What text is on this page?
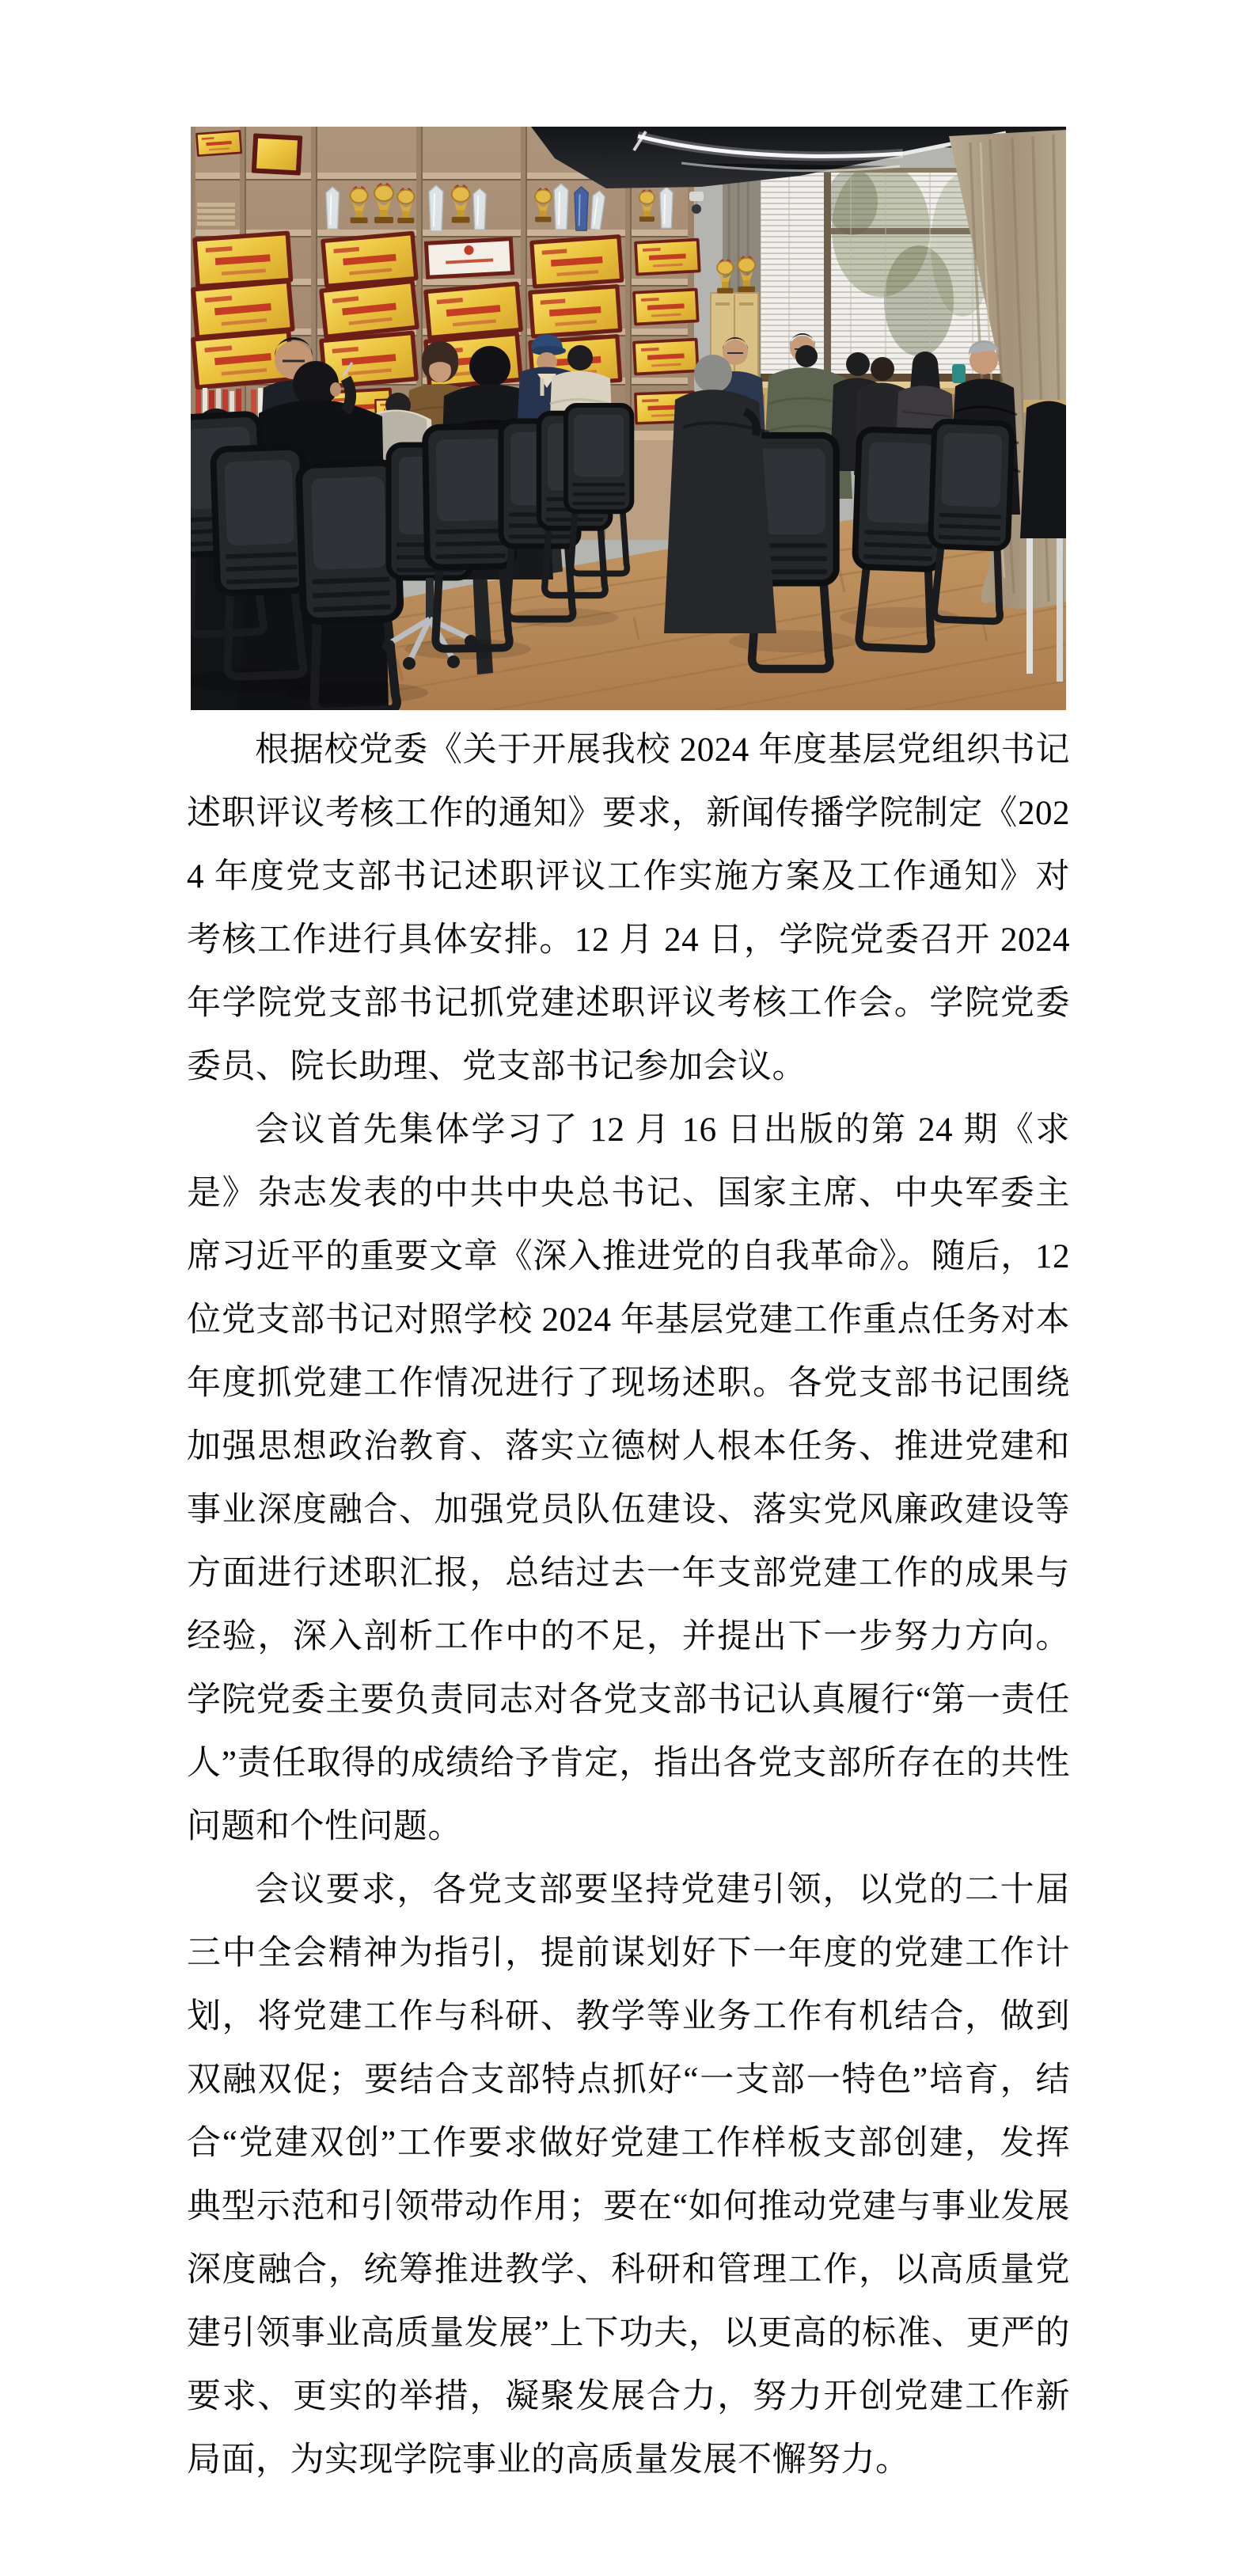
根据校党委《关于开展我校 2024 年度基层党组织书记述职评议考核工作的通知》要求，新闻传播学院制定《2024 年度党支部书记述职评议工作实施方案及工作通知》对考核工作进行具体安排。12 月 24 日，学院党委召开 2024 年学院党支部书记抓党建述职评议考核工作会。学院党委委员、院长助理、党支部书记参加会议。

会议首先集体学习了 12 月 16 日出版的第 24 期《求是》杂志发表的中共中央总书记、国家主席、中央军委主席习近平的重要文章《深入推进党的自我革命》。随后，12 位党支部书记对照学校 2024 年基层党建工作重点任务对本年度抓党建工作情况进行了现场述职。各党支部书记围绕加强思想政治教育、落实立德树人根本任务、推进党建和事业深度融合、加强党员队伍建设、落实党风廉政建设等方面进行述职汇报，总结过去一年支部党建工作的成果与经验，深入剖析工作中的不足，并提出下一步努力方向。学院党委主要负责同志对各党支部书记认真履行“第一责任人”责任取得的成绩给予肯定，指出各党支部所存在的共性问题和个性问题。

会议要求，各党支部要坚持党建引领，以党的二十届三中全会精神为指引，提前谋划好下一年度的党建工作计划，将党建工作与科研、教学等业务工作有机结合，做到双融双促；要结合支部特点抓好“一支部一特色”培育，结合“党建双创”工作要求做好党建工作样板支部创建，发挥典型示范和引领带动作用；要在“如何推动党建与事业发展深度融合，统筹推进教学、科研和管理工作，以高质量党建引领事业高质量发展”上下功夫，以更高的标准、更严的要求、更实的举措，凝聚发展合力，努力开创党建工作新局面，为实现学院事业的高质量发展不懈努力。
